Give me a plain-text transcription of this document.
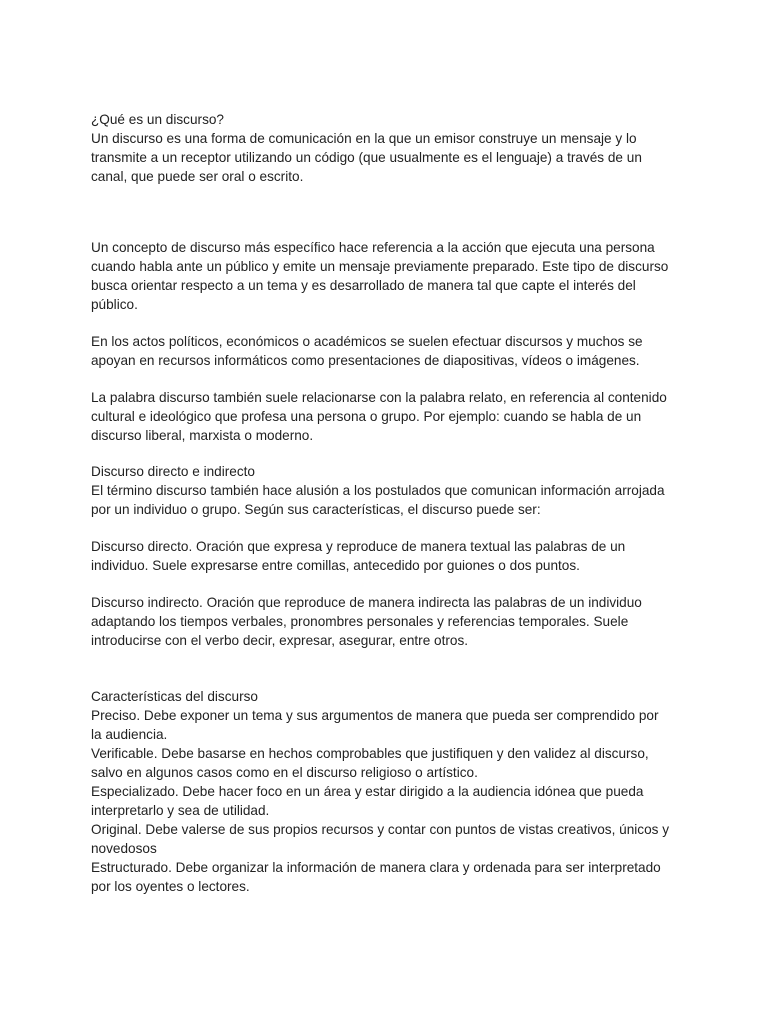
¿Qué es un discurso?
Un discurso es una forma de comunicación en la que un emisor construye un mensaje y lo
transmite a un receptor utilizando un código (que usualmente es el lenguaje) a través de un
canal, que puede ser oral o escrito.
Un concepto de discurso más específico hace referencia a la acción que ejecuta una persona
cuando habla ante un público y emite un mensaje previamente preparado. Este tipo de discurso
busca orientar respecto a un tema y es desarrollado de manera tal que capte el interés del
público.
En los actos políticos, económicos o académicos se suelen efectuar discursos y muchos se
apoyan en recursos informáticos como presentaciones de diapositivas, vídeos o imágenes.
La palabra discurso también suele relacionarse con la palabra relato, en referencia al contenido
cultural e ideológico que profesa una persona o grupo. Por ejemplo: cuando se habla de un
discurso liberal, marxista o moderno.
Discurso directo e indirecto
El término discurso también hace alusión a los postulados que comunican información arrojada
por un individuo o grupo. Según sus características, el discurso puede ser:
Discurso directo. Oración que expresa y reproduce de manera textual las palabras de un
individuo. Suele expresarse entre comillas, antecedido por guiones o dos puntos.
Discurso indirecto. Oración que reproduce de manera indirecta las palabras de un individuo
adaptando los tiempos verbales, pronombres personales y referencias temporales. Suele
introducirse con el verbo decir, expresar, asegurar, entre otros.
Características del discurso
Preciso. Debe exponer un tema y sus argumentos de manera que pueda ser comprendido por
la audiencia.
Verificable. Debe basarse en hechos comprobables que justifiquen y den validez al discurso,
salvo en algunos casos como en el discurso religioso o artístico.
Especializado. Debe hacer foco en un área y estar dirigido a la audiencia idónea que pueda
interpretarlo y sea de utilidad.
Original. Debe valerse de sus propios recursos y contar con puntos de vistas creativos, únicos y
novedosos
Estructurado. Debe organizar la información de manera clara y ordenada para ser interpretado
por los oyentes o lectores.
